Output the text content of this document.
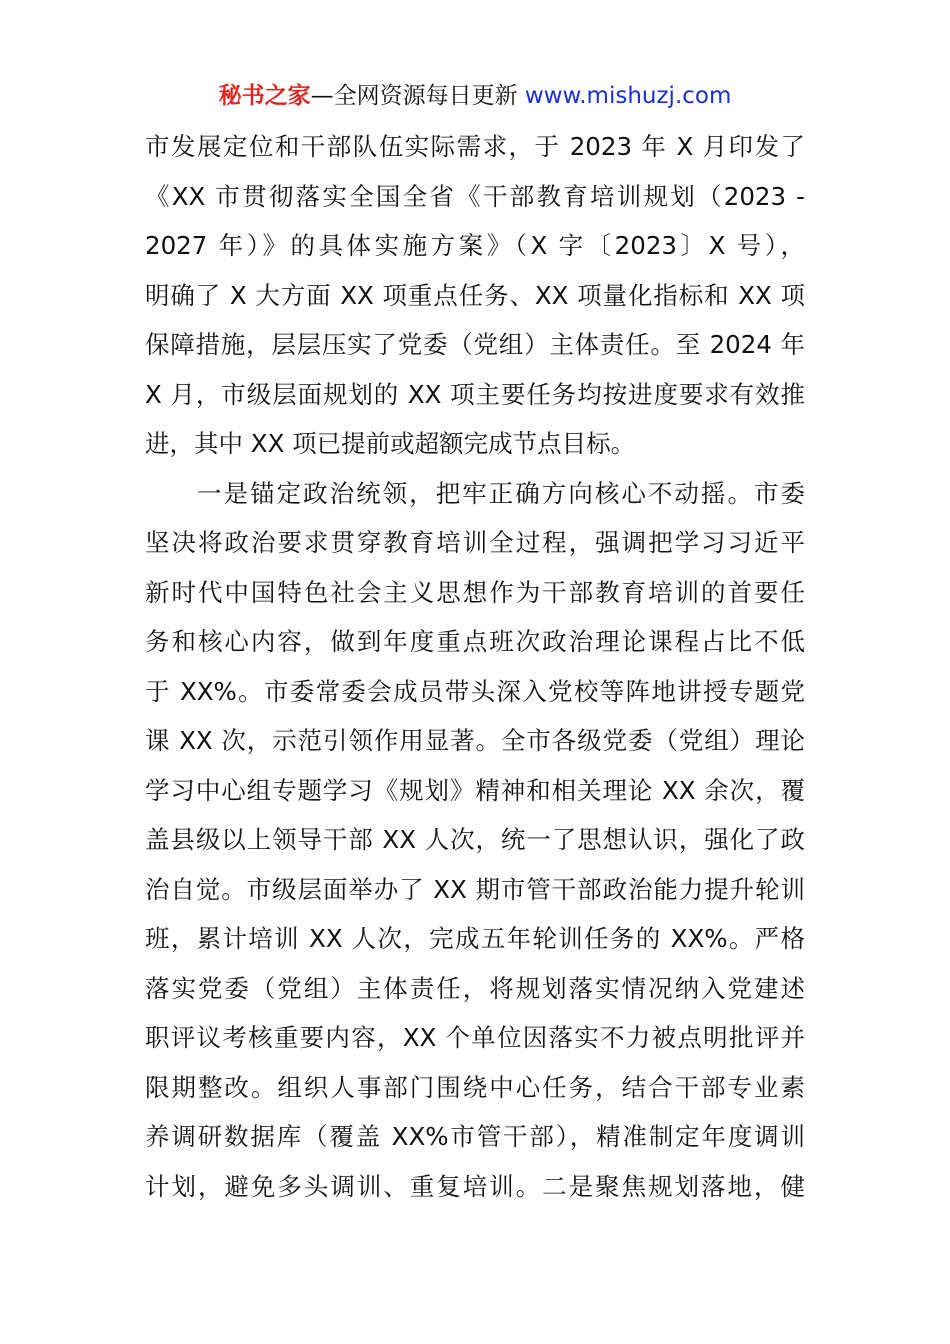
秘书之家—全网资源每日更新 www.mishuzj.com
市发展定位和干部队伍实际需求，于 2023 年 X 月印发了
《XX 市贯彻落实全国全省《干部教育培训规划（2023 -
2027 年）》的具体实施方案》（X 字〔2023〕X 号），
明确了 X 大方面 XX 项重点任务、XX 项量化指标和 XX 项
保障措施，层层压实了党委（党组）主体责任。至 2024 年
X 月，市级层面规划的 XX 项主要任务均按进度要求有效推
进，其中 XX 项已提前或超额完成节点目标。
一是锚定政治统领，把牢正确方向核心不动摇。市委
坚决将政治要求贯穿教育培训全过程，强调把学习习近平
新时代中国特色社会主义思想作为干部教育培训的首要任
务和核心内容，做到年度重点班次政治理论课程占比不低
于 XX%。市委常委会成员带头深入党校等阵地讲授专题党
课 XX 次，示范引领作用显著。全市各级党委（党组）理论
学习中心组专题学习《规划》精神和相关理论 XX 余次，覆
盖县级以上领导干部 XX 人次，统一了思想认识，强化了政
治自觉。市级层面举办了 XX 期市管干部政治能力提升轮训
班，累计培训 XX 人次，完成五年轮训任务的 XX%。严格
落实党委（党组）主体责任，将规划落实情况纳入党建述
职评议考核重要内容，XX 个单位因落实不力被点明批评并
限期整改。组织人事部门围绕中心任务，结合干部专业素
养调研数据库（覆盖 XX%市管干部），精准制定年度调训
计划，避免多头调训、重复培训。二是聚焦规划落地，健
